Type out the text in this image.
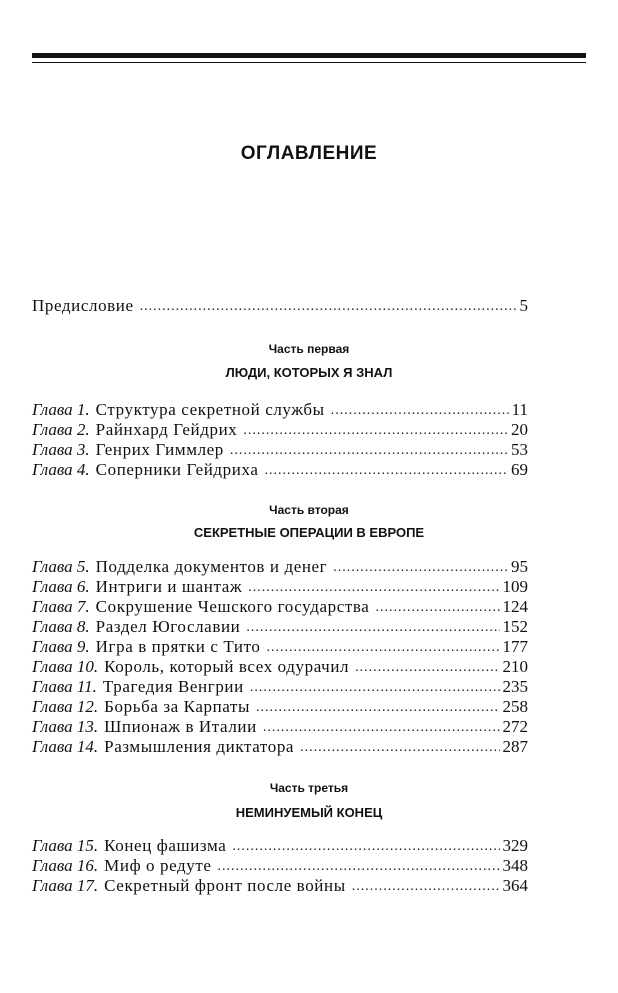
ОГЛАВЛЕНИЕ
Предисловие .....	5
Часть первая
ЛЮДИ, КОТОРЫХ Я ЗНАЛ
Глава 1. Структура секретной службы .....	11
Глава 2. Райнхард Гейдрих .....	20
Глава 3. Генрих Гиммлер .....	53
Глава 4. Соперники Гейдриха .....	69
Часть вторая
СЕКРЕТНЫЕ ОПЕРАЦИИ В ЕВРОПЕ
Глава 5. Подделка документов и денег .....	95
Глава 6. Интриги и шантаж .....	109
Глава 7. Сокрушение Чешского государства .....	124
Глава 8. Раздел Югославии .....	152
Глава 9. Игра в прятки с Тито .....	177
Глава 10. Король, который всех одурачил .....	210
Глава 11. Трагедия Венгрии .....	235
Глава 12. Борьба за Карпаты .....	258
Глава 13. Шпионаж в Италии .....	272
Глава 14. Размышления диктатора .....	287
Часть третья
НЕМИНУЕМЫЙ КОНЕЦ
Глава 15. Конец фашизма .....	329
Глава 16. Миф о редуте .....	348
Глава 17. Секретный фронт после войны .....	364
